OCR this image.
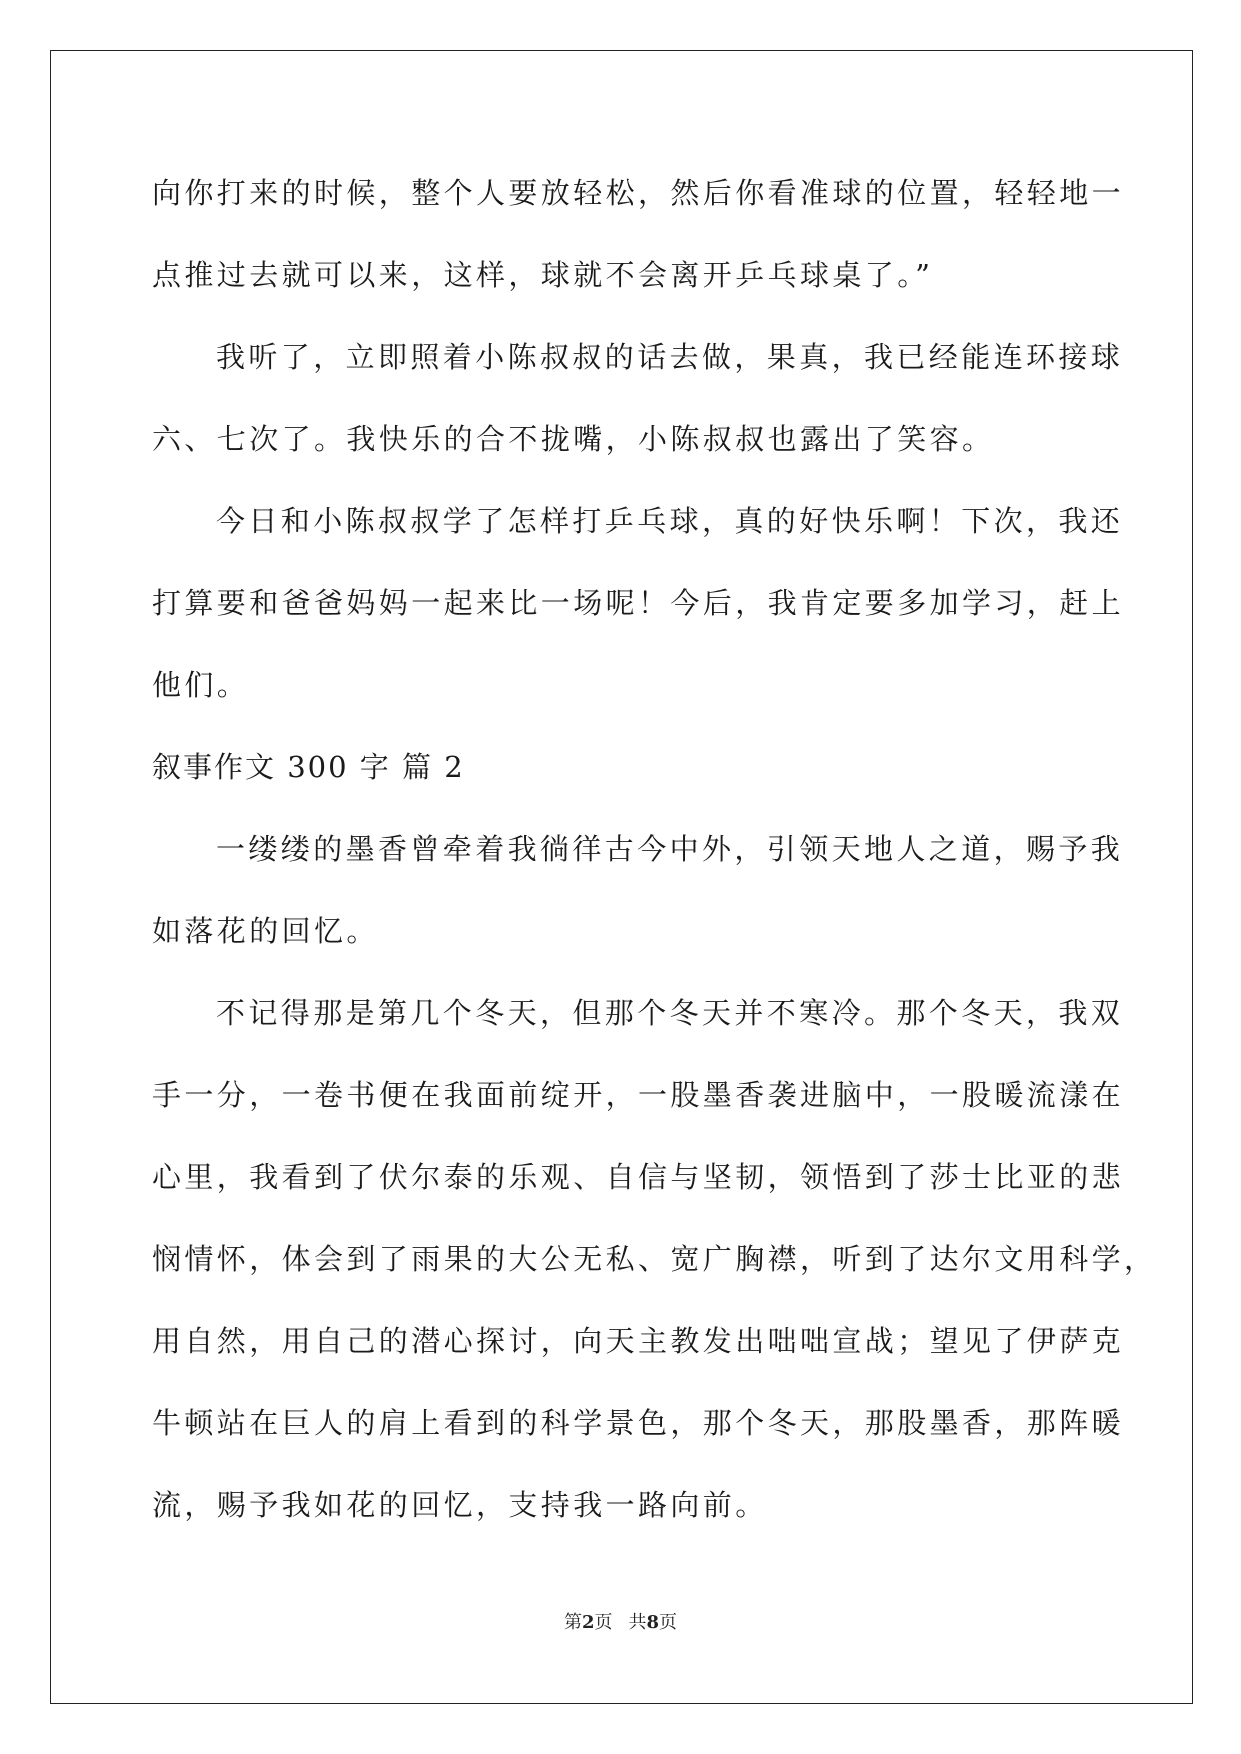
向你打来的时候，整个人要放轻松，然后你看准球的位置，轻轻地一
点推过去就可以来，这样，球就不会离开乒乓球桌了。”
我听了，立即照着小陈叔叔的话去做，果真，我已经能连环接球
六、七次了。我快乐的合不拢嘴，小陈叔叔也露出了笑容。
今日和小陈叔叔学了怎样打乒乓球，真的好快乐啊！下次，我还
打算要和爸爸妈妈一起来比一场呢！今后，我肯定要多加学习，赶上
他们。
叙事作文 300 字 篇 2
一缕缕的墨香曾牵着我徜徉古今中外，引领天地人之道，赐予我
如落花的回忆。
不记得那是第几个冬天，但那个冬天并不寒冷。那个冬天，我双
手一分，一卷书便在我面前绽开，一股墨香袭进脑中，一股暖流漾在
心里，我看到了伏尔泰的乐观、自信与坚韧，领悟到了莎士比亚的悲
悯情怀，体会到了雨果的大公无私、宽广胸襟，听到了达尔文用科学，
用自然，用自己的潜心探讨，向天主教发出咄咄宣战；望见了伊萨克
牛顿站在巨人的肩上看到的科学景色，那个冬天，那股墨香，那阵暖
流，赐予我如花的回忆，支持我一路向前。
第2页 共8页
